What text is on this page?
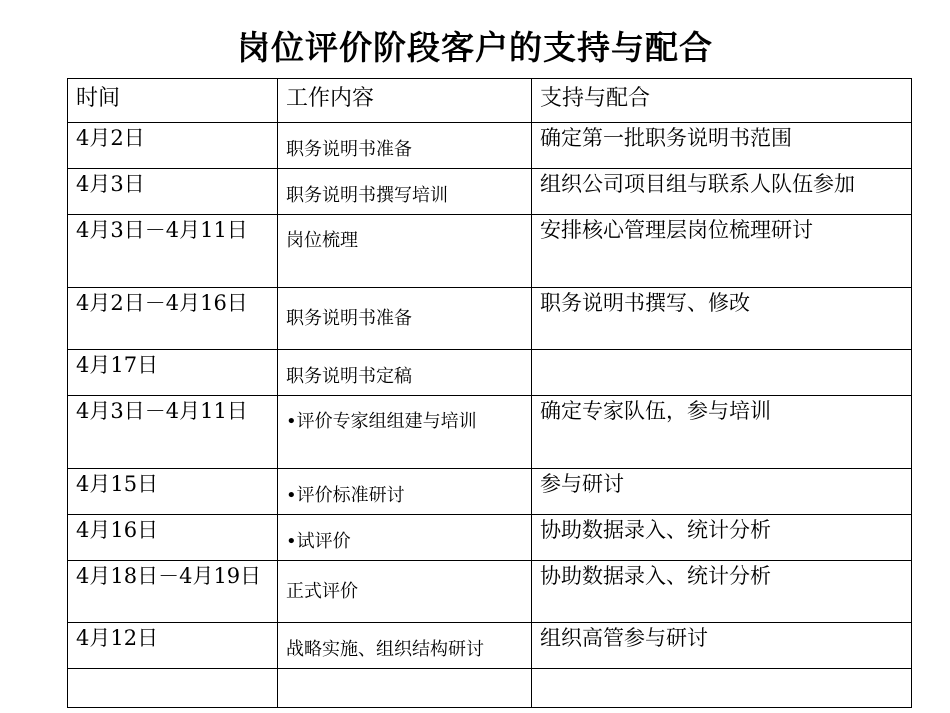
岗位评价阶段客户的支持与配合
时间	工作内容	支持与配合
4月2日	职务说明书准备	确定第一批职务说明书范围
4月3日	职务说明书撰写培训	组织公司项目组与联系人队伍参加
4月3日－4月11日	岗位梳理	安排核心管理层岗位梳理研讨
4月2日－4月16日	职务说明书准备	职务说明书撰写、修改
4月17日	职务说明书定稿	
4月3日－4月11日	•评价专家组组建与培训	确定专家队伍，参与培训
4月15日	•评价标准研讨	参与研讨
4月16日	•试评价	协助数据录入、统计分析
4月18日－4月19日	正式评价	协助数据录入、统计分析
4月12日	战略实施、组织结构研讨	组织高管参与研讨
